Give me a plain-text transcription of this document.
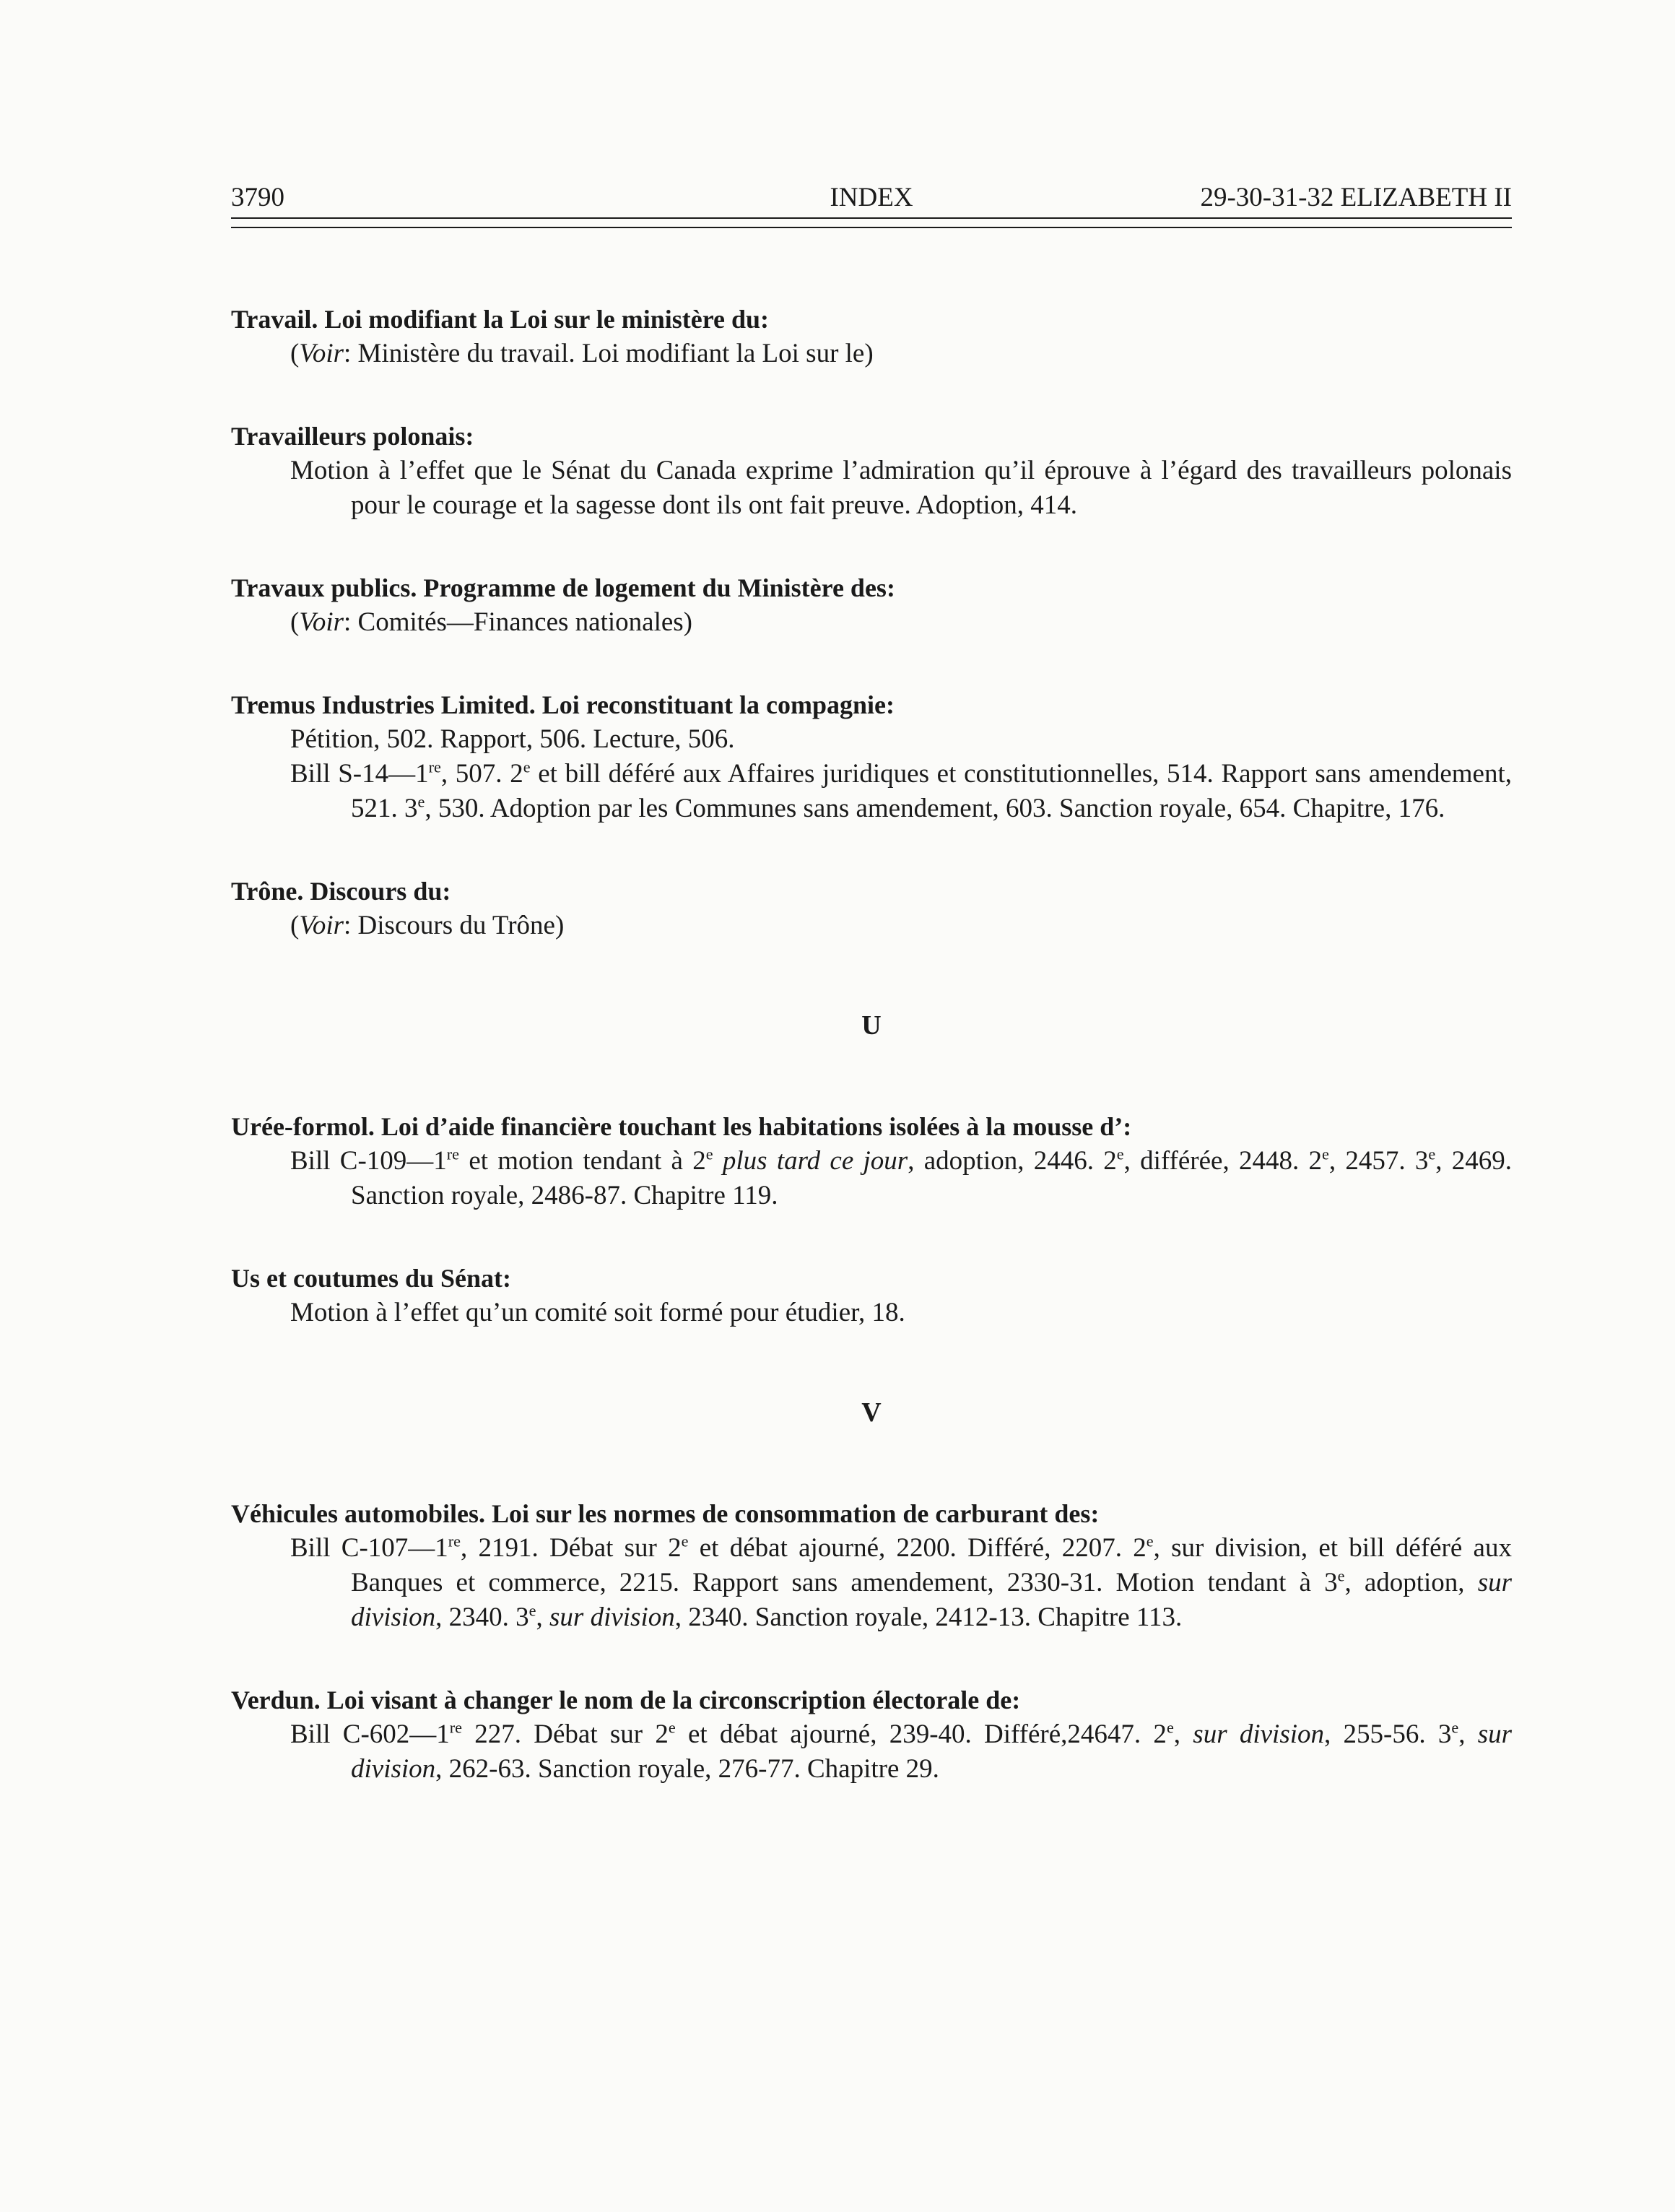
3790	INDEX	29-30-31-32 ELIZABETH II
Travail. Loi modifiant la Loi sur le ministère du:

(Voir: Ministère du travail. Loi modifiant la Loi sur le)

Travailleurs polonais:

Motion à l’effet que le Sénat du Canada exprime l’admiration qu’il éprouve à l’égard des travailleurs polonais pour le courage et la sagesse dont ils ont fait preuve. Adoption, 414.

Travaux publics. Programme de logement du Ministère des:

(Voir: Comités—Finances nationales)

Tremus Industries Limited. Loi reconstituant la compagnie:

Pétition, 502. Rapport, 506. Lecture, 506.

Bill S-14—1re, 507. 2e et bill déféré aux Affaires juridiques et constitutionnelles, 514. Rapport sans amendement, 521. 3e, 530. Adoption par les Communes sans amendement, 603. Sanction royale, 654. Chapitre, 176.

Trône. Discours du:

(Voir: Discours du Trône)

U
Urée-formol. Loi d’aide financière touchant les habitations isolées à la mousse d’:

Bill C-109—1re et motion tendant à 2e plus tard ce jour, adoption, 2446. 2e, différée, 2448. 2e, 2457. 3e, 2469. Sanction royale, 2486-87. Chapitre 119.

Us et coutumes du Sénat:

Motion à l’effet qu’un comité soit formé pour étudier, 18.

V
Véhicules automobiles. Loi sur les normes de consommation de carburant des:

Bill C-107—1re, 2191. Débat sur 2e et débat ajourné, 2200. Différé, 2207. 2e, sur division, et bill déféré aux Banques et commerce, 2215. Rapport sans amendement, 2330-31. Motion tendant à 3e, adoption, sur division, 2340. 3e, sur division, 2340. Sanction royale, 2412-13. Chapitre 113.

Verdun. Loi visant à changer le nom de la circonscription électorale de:

Bill C-602—1re 227. Débat sur 2e et débat ajourné, 239-40. Différé,24647. 2e, sur division, 255-56. 3e, sur division, 262-63. Sanction royale, 276-77. Chapitre 29.
